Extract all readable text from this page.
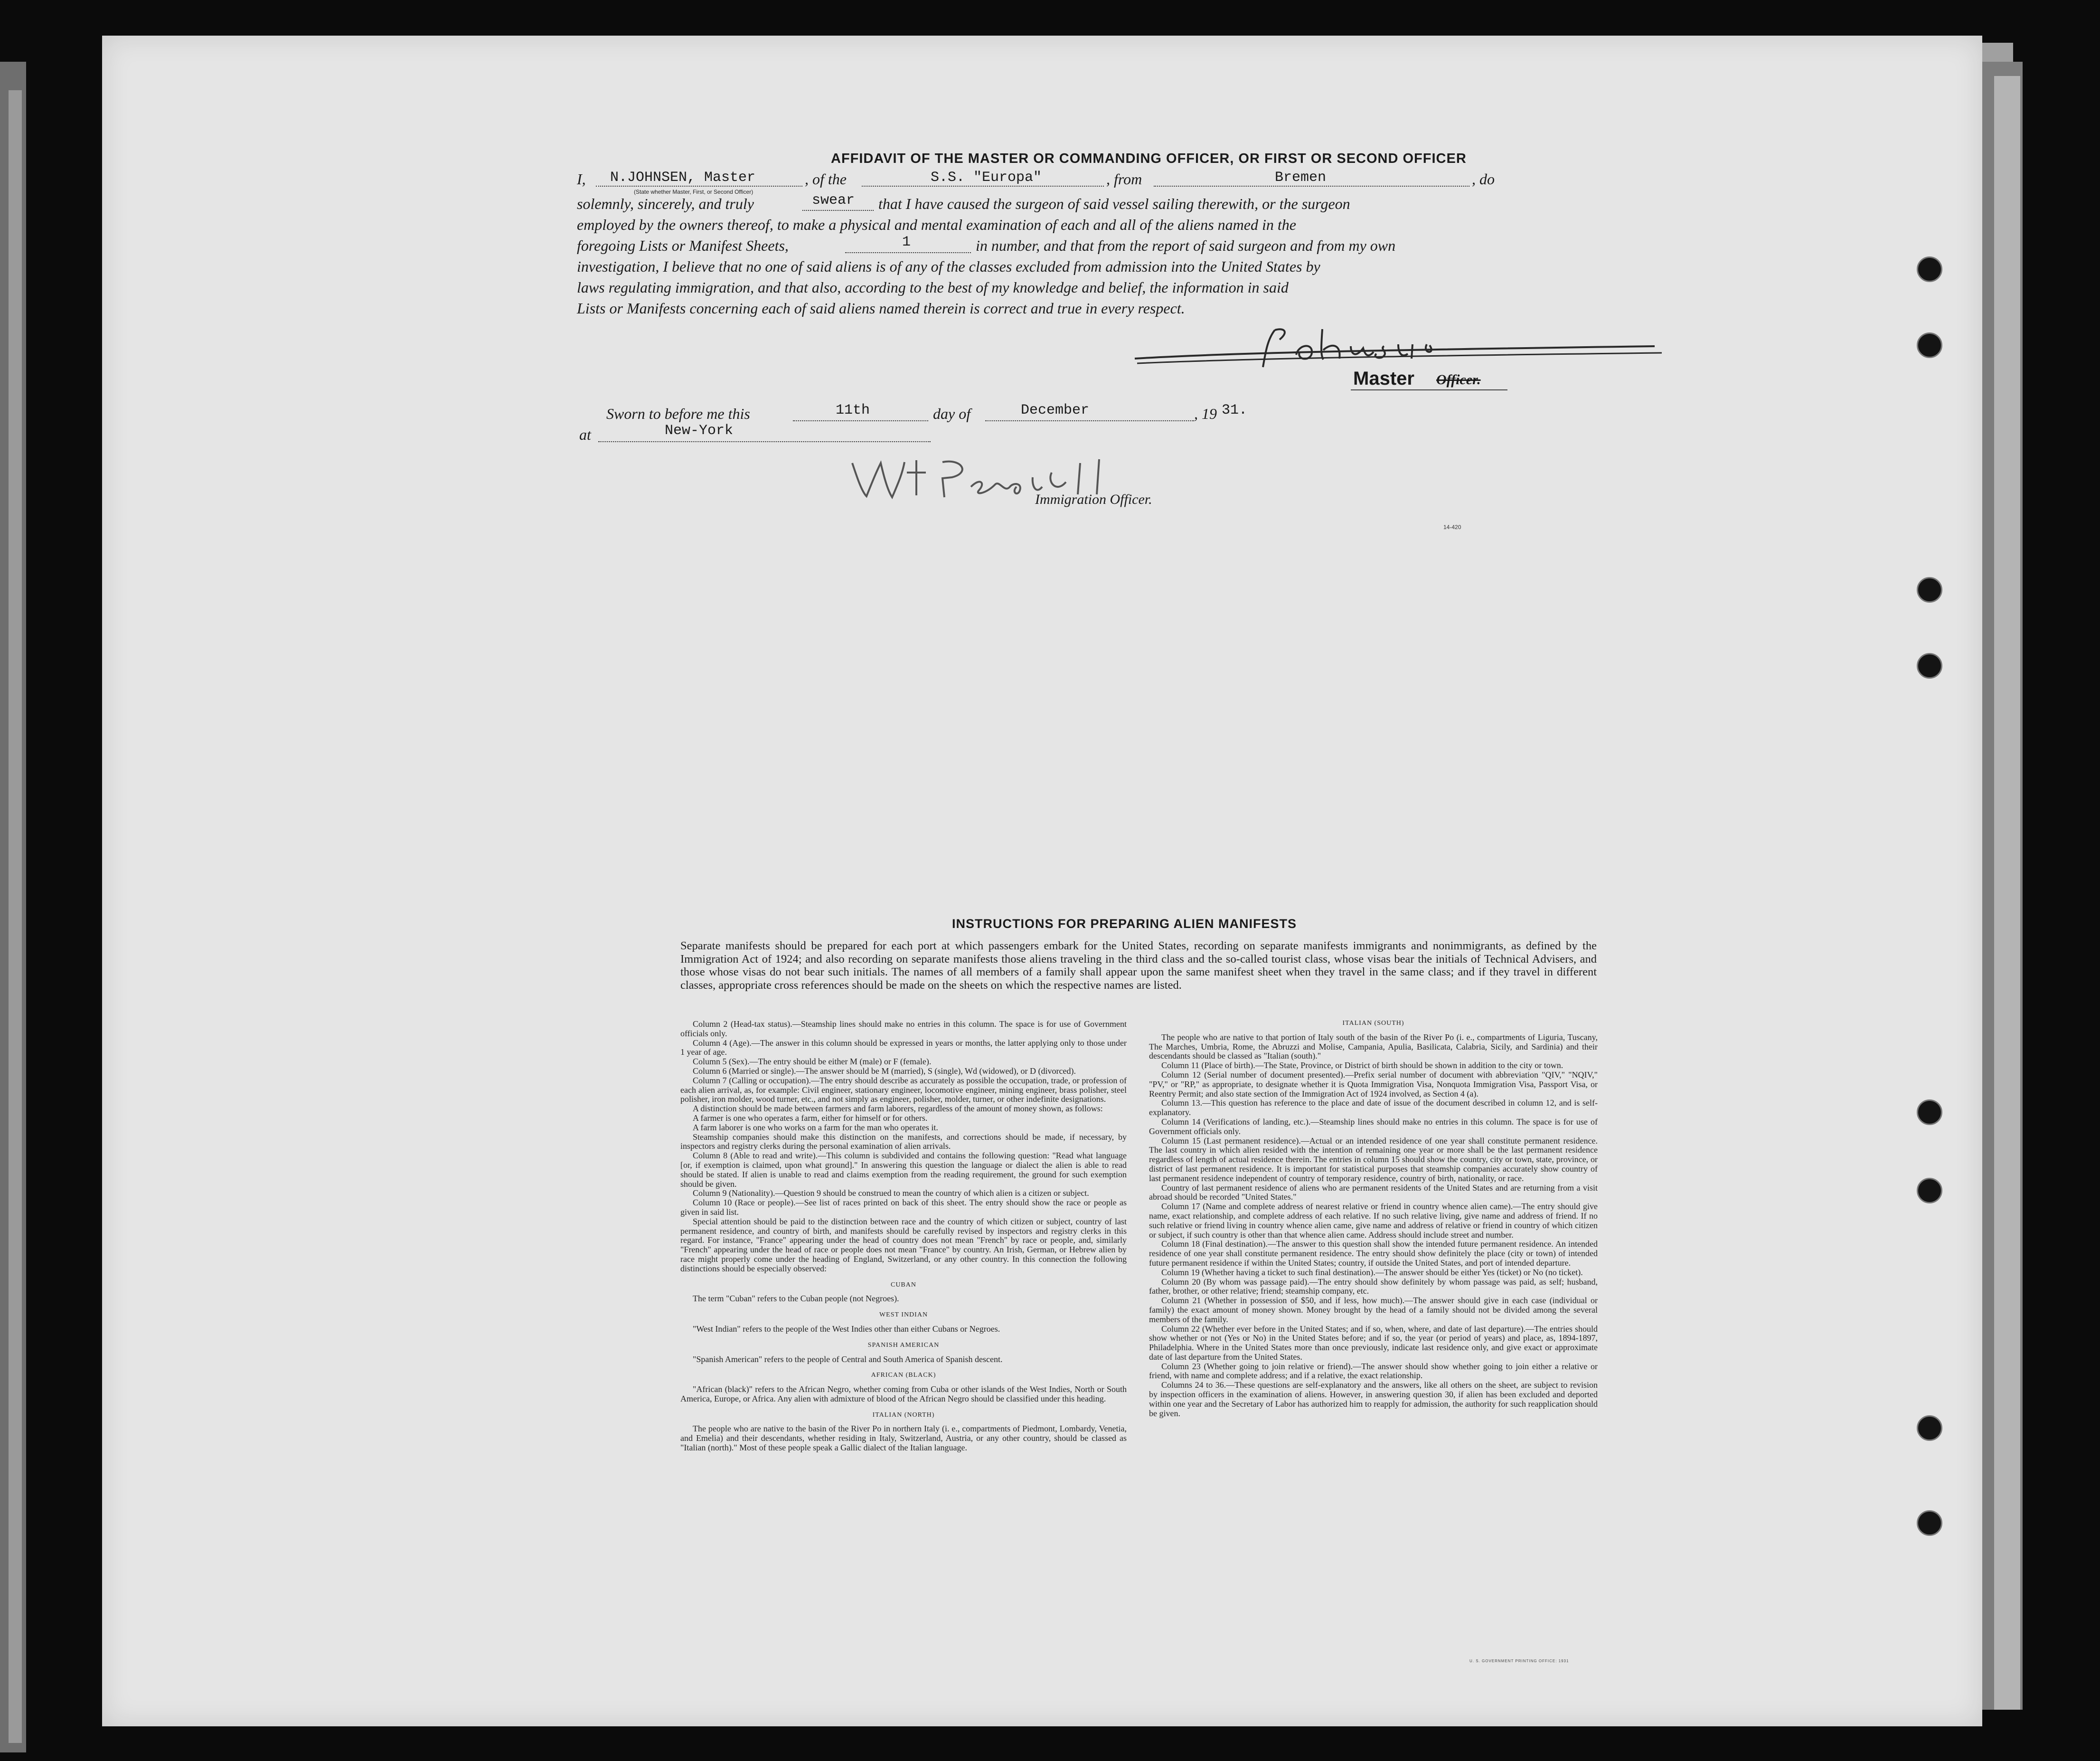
AFFIDAVIT OF THE MASTER OR COMMANDING OFFICER, OR FIRST OR SECOND OFFICER
I, N.JOHNSEN, Master	, of the	S.S. "Europa"	, from	Bremen	, do
(State whether Master, First, or Second Officer)
solemnly, sincerely, and truly	swear that I have caused the surgeon of said vessel sailing therewith, or the surgeon
employed by the owners thereof, to make a physical and mental examination of each and all of the aliens named in the
foregoing Lists or Manifest Sheets,	1	in number, and that from the report of said surgeon and from my own
investigation, I believe that no one of said aliens is of any of the classes excluded from admission into the United States by
laws regulating immigration, and that also, according to the best of my knowledge and belief, the information in said
Lists or Manifests concerning each of said aliens named therein is correct and true in every respect.
Master Officer.
Sworn to before me this	11th	day of	December	, 19 31.
at	New-York
Immigration Officer.
14-420
INSTRUCTIONS FOR PREPARING ALIEN MANIFESTS
Separate manifests should be prepared for each port at which passengers embark for the United States, recording on separate manifests immigrants and nonimmigrants, as defined by the Immigration Act of 1924; and also recording on separate manifests those aliens traveling in the third class and the so-called tourist class, whose visas bear the initials of Technical Advisers, and those whose visas do not bear such initials. The names of all members of a family shall appear upon the same manifest sheet when they travel in the same class; and if they travel in different classes, appropriate cross references should be made on the sheets on which the respective names are listed.

Column 2 (Head-tax status).—Steamship lines should make no entries in this column. The space is for use of Government officials only.

Column 4 (Age).—The answer in this column should be expressed in years or months, the latter applying only to those under 1 year of age.

Column 5 (Sex).—The entry should be either M (male) or F (female).

Column 6 (Married or single).—The answer should be M (married), S (single), Wd (widowed), or D (divorced).

Column 7 (Calling or occupation).—The entry should describe as accurately as possible the occupation, trade, or profession of each alien arrival, as, for example: Civil engineer, stationary engineer, locomotive engineer, mining engineer, brass polisher, steel polisher, iron molder, wood turner, etc., and not simply as engineer, polisher, molder, turner, or other indefinite designations.

A distinction should be made between farmers and farm laborers, regardless of the amount of money shown, as follows:

A farmer is one who operates a farm, either for himself or for others.

A farm laborer is one who works on a farm for the man who operates it.

Steamship companies should make this distinction on the manifests, and corrections should be made, if necessary, by inspectors and registry clerks during the personal examination of alien arrivals.

Column 8 (Able to read and write).—This column is subdivided and contains the following question: "Read what language [or, if exemption is claimed, upon what ground]." In answering this question the language or dialect the alien is able to read should be stated. If alien is unable to read and claims exemption from the reading requirement, the ground for such exemption should be given.

Column 9 (Nationality).—Question 9 should be construed to mean the country of which alien is a citizen or subject.

Column 10 (Race or people).—See list of races printed on back of this sheet. The entry should show the race or people as given in said list.

Special attention should be paid to the distinction between race and the country of which citizen or subject, country of last permanent residence, and country of birth, and manifests should be carefully revised by inspectors and registry clerks in this regard. For instance, "France" appearing under the head of country does not mean "French" by race or people, and, similarly "French" appearing under the head of race or people does not mean "France" by country. An Irish, German, or Hebrew alien by race might properly come under the heading of England, Switzerland, or any other country. In this connection the following distinctions should be especially observed:

CUBAN

The term "Cuban" refers to the Cuban people (not Negroes).

WEST INDIAN

"West Indian" refers to the people of the West Indies other than either Cubans or Negroes.

SPANISH AMERICAN

"Spanish American" refers to the people of Central and South America of Spanish descent.

AFRICAN (BLACK)

"African (black)" refers to the African Negro, whether coming from Cuba or other islands of the West Indies, North or South America, Europe, or Africa. Any alien with admixture of blood of the African Negro should be classified under this heading.

ITALIAN (NORTH)

The people who are native to the basin of the River Po in northern Italy (i. e., compartments of Piedmont, Lombardy, Venetia, and Emelia) and their descendants, whether residing in Italy, Switzerland, Austria, or any other country, should be classed as "Italian (north)." Most of these people speak a Gallic dialect of the Italian language.

ITALIAN (SOUTH)

The people who are native to that portion of Italy south of the basin of the River Po (i. e., compartments of Liguria, Tuscany, The Marches, Umbria, Rome, the Abruzzi and Molise, Campania, Apulia, Basilicata, Calabria, Sicily, and Sardinia) and their descendants should be classed as "Italian (south)."

Column 11 (Place of birth).—The State, Province, or District of birth should be shown in addition to the city or town.

Column 12 (Serial number of document presented).—Prefix serial number of document with abbreviation "QIV," "NQIV," "PV," or "RP," as appropriate, to designate whether it is Quota Immigration Visa, Nonquota Immigration Visa, Passport Visa, or Reentry Permit; and also state section of the Immigration Act of 1924 involved, as Section 4 (a).

Column 13.—This question has reference to the place and date of issue of the document described in column 12, and is self-explanatory.

Column 14 (Verifications of landing, etc.).—Steamship lines should make no entries in this column. The space is for use of Government officials only.

Column 15 (Last permanent residence).—Actual or an intended residence of one year shall constitute permanent residence. The last country in which alien resided with the intention of remaining one year or more shall be the last permanent residence regardless of length of actual residence therein. The entries in column 15 should show the country, city or town, state, province, or district of last permanent residence. It is important for statistical purposes that steamship companies accurately show country of last permanent residence independent of country of temporary residence, country of birth, nationality, or race.

Country of last permanent residence of aliens who are permanent residents of the United States and are returning from a visit abroad should be recorded "United States."

Column 17 (Name and complete address of nearest relative or friend in country whence alien came).—The entry should give name, exact relationship, and complete address of each relative. If no such relative living, give name and address of friend. If no such relative or friend living in country whence alien came, give name and address of relative or friend in country of which citizen or subject, if such country is other than that whence alien came. Address should include street and number.

Column 18 (Final destination).—The answer to this question shall show the intended future permanent residence. An intended residence of one year shall constitute permanent residence. The entry should show definitely the place (city or town) of intended future permanent residence if within the United States; country, if outside the United States, and port of intended departure.

Column 19 (Whether having a ticket to such final destination).—The answer should be either Yes (ticket) or No (no ticket).

Column 20 (By whom was passage paid).—The entry should show definitely by whom passage was paid, as self; husband, father, brother, or other relative; friend; steamship company, etc.

Column 21 (Whether in possession of $50, and if less, how much).—The answer should give in each case (individual or family) the exact amount of money shown. Money brought by the head of a family should not be divided among the several members of the family.

Column 22 (Whether ever before in the United States; and if so, when, where, and date of last departure).—The entries should show whether or not (Yes or No) in the United States before; and if so, the year (or period of years) and place, as, 1894-1897, Philadelphia. Where in the United States more than once previously, indicate last residence only, and give exact or approximate date of last departure from the United States.

Column 23 (Whether going to join relative or friend).—The answer should show whether going to join either a relative or friend, with name and complete address; and if a relative, the exact relationship.

Columns 24 to 36.—These questions are self-explanatory and the answers, like all others on the sheet, are subject to revision by inspection officers in the examination of aliens. However, in answering question 30, if alien has been excluded and deported within one year and the Secretary of Labor has authorized him to reapply for admission, the authority for such reapplication should be given.

U. S. GOVERNMENT PRINTING OFFICE: 1931
